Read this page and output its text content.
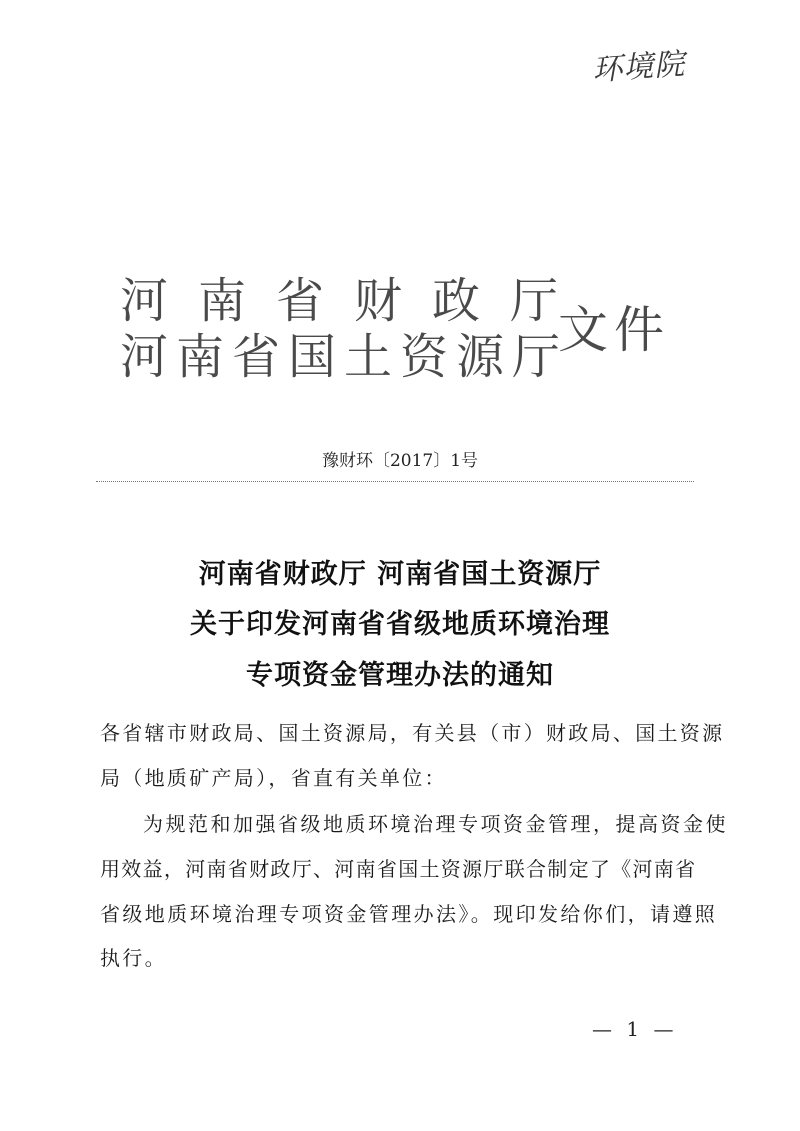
环境院
河南省财政厅
河南省国土资源厅
文件
豫财环〔2017〕1号
河南省财政厅 河南省国土资源厅
关于印发河南省省级地质环境治理
专项资金管理办法的通知
各省辖市财政局、国土资源局，有关县（市）财政局、国土资源
局（地质矿产局），省直有关单位：
为规范和加强省级地质环境治理专项资金管理，提高资金使
用效益，河南省财政厅、河南省国土资源厅联合制定了《河南省
省级地质环境治理专项资金管理办法》。现印发给你们，请遵照
执行。
— 1 —
